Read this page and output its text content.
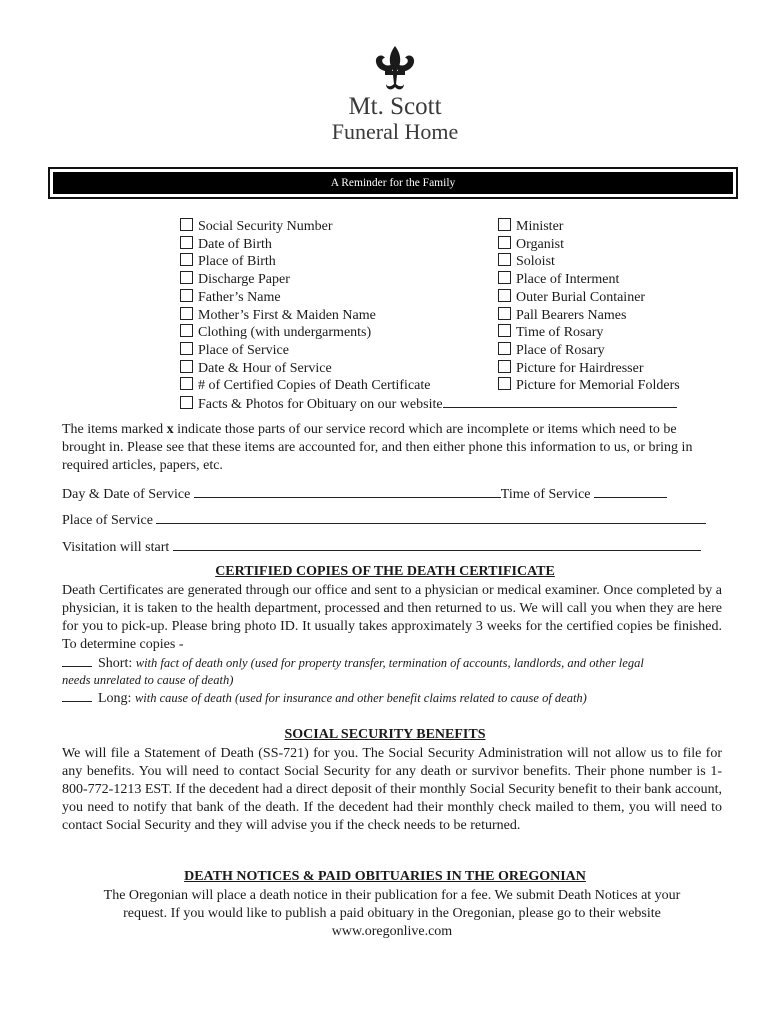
Mt. Scott
Funeral Home
A Reminder for the Family
Social Security Number
Date of Birth
Place of Birth
Discharge Paper
Father’s Name
Mother’s First & Maiden Name
Clothing (with undergarments)
Place of Service
Date & Hour of Service
# of Certified Copies of Death Certificate
Facts & Photos for Obituary on our website
Minister
Organist
Soloist
Place of Interment
Outer Burial Container
Pall Bearers Names
Time of Rosary
Place of Rosary
Picture for Hairdresser
Picture for Memorial Folders
The items marked x indicate those parts of our service record which are incomplete or items which need to be brought in. Please see that these items are accounted for, and then either phone this information to us, or bring in required articles, papers, etc.
Day & Date of Service	Time of Service
Place of Service
Visitation will start
CERTIFIED COPIES OF THE DEATH CERTIFICATE
Death Certificates are generated through our office and sent to a physician or medical examiner. Once completed by a physician, it is taken to the health department, processed and then returned to us. We will call you when they are here for you to pick-up. Please bring photo ID. It usually takes approximately 3 weeks for the certified copies be finished. To determine copies -
Short: with fact of death only (used for property transfer, termination of accounts, landlords, and other legal
needs unrelated to cause of death)
Long: with cause of death (used for insurance and other benefit claims related to cause of death)
SOCIAL SECURITY BENEFITS
We will file a Statement of Death (SS-721) for you. The Social Security Administration will not allow us to file for any benefits. You will need to contact Social Security for any death or survivor benefits. Their phone number is 1-800-772-1213 EST. If the decedent had a direct deposit of their monthly Social Security benefit to their bank account, you need to notify that bank of the death. If the decedent had their monthly check mailed to them, you will need to contact Social Security and they will advise you if the check needs to be returned.
DEATH NOTICES & PAID OBITUARIES IN THE OREGONIAN
The Oregonian will place a death notice in their publication for a fee. We submit Death Notices at your
request. If you would like to publish a paid obituary in the Oregonian, please go to their website
www.oregonlive.com
